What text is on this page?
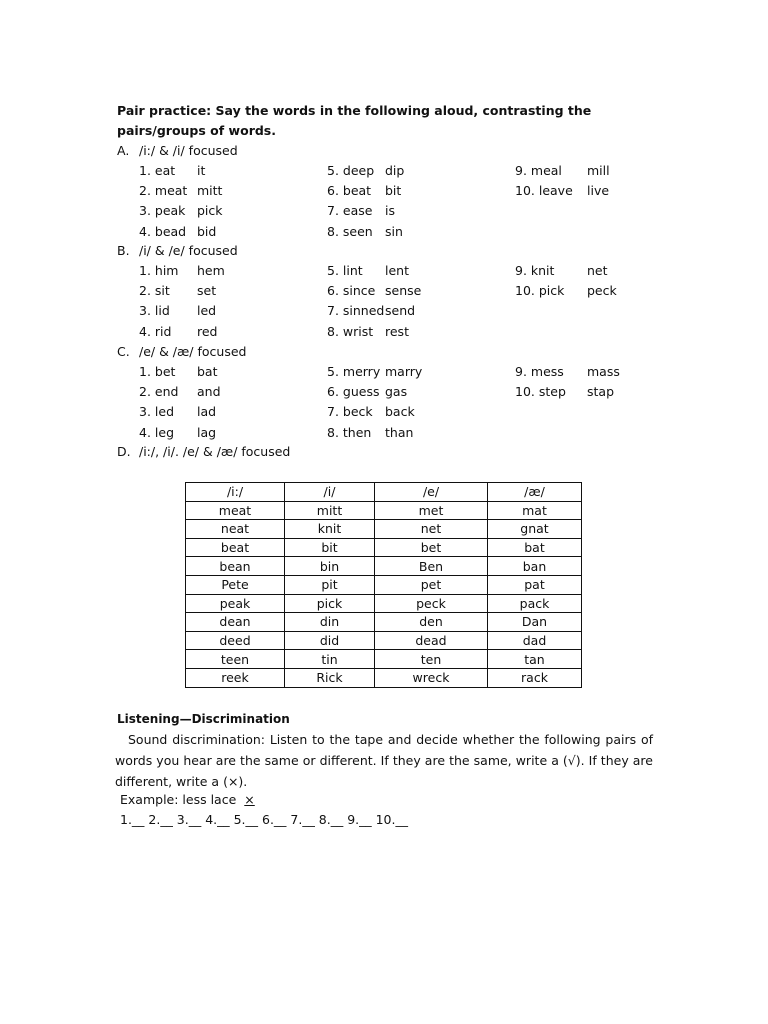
Pair practice: Say the words in the following aloud, contrasting the pairs/groups of words.
A. /i:/ & /i/ focused
1. eat it
2. meat mitt
3. peak pick
4. bead bid
5. deep dip
6. beat bit
7. ease is
8. seen sin
9. meal mill
10. leave live
B. /i/ & /e/ focused
1. him hem
2. sit set
3. lid led
4. rid red
5. lint lent
6. since sense
7. sinned send
8. wrist rest
9. knit	net
10. pick peck
C. /e/ & /æ/ focused
1. bet bat
2. end and
3. led lad
4. leg lag
5. merry marry
6. guess gas
7. beck back
8. then than
9. mess mass
10. step stap
D. /i:/, /i/. /e/ & /æ/ focused
/i:/	/i/	/e/	/æ/
meat	mitt	met	mat
neat	knit	net	gnat
beat	bit	bet	bat
bean	bin	Ben	ban
Pete	pit	pet	pat
peak	pick	peck	pack
dean	din	den	Dan
deed	did	dead	dad
teen	tin	ten	tan
reek	Rick	wreck	rack
Listening—Discrimination
Sound discrimination: Listen to the tape and decide whether the following pairs of words you hear are the same or different. If they are the same, write a (√). If they are different, write a (×).
Example: less lace ×
1.__ 2.__ 3.__ 4.__ 5.__ 6.__ 7.__ 8.__ 9.__ 10.__
